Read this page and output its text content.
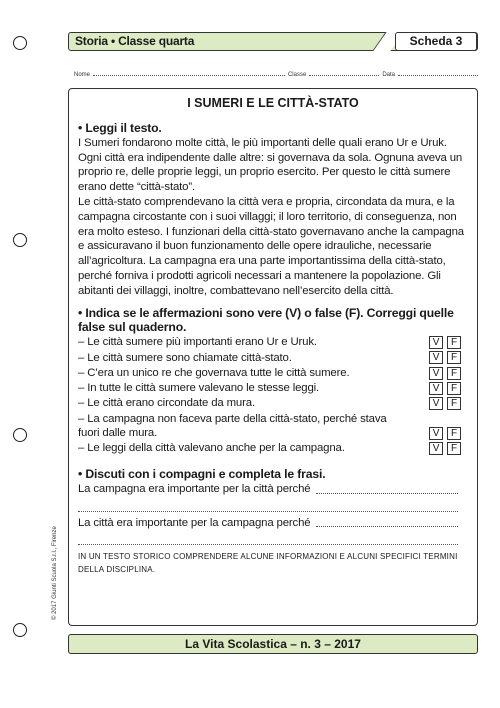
Storia • Classe quarta	Scheda 3
Nome	Classe	Data
I SUMERI E LE CITTÀ-STATO
• Leggi il testo.
I Sumeri fondarono molte città, le più importanti delle quali erano Ur e Uruk. Ogni città era indipendente dalle altre: si governava da sola. Ognuna aveva un proprio re, delle proprie leggi, un proprio esercito. Per questo le città sumere erano dette “città-stato”.
Le città-stato comprendevano la città vera e propria, circondata da mura, e la campagna circostante con i suoi villaggi; il loro territorio, di conseguenza, non era molto esteso. I funzionari della città-stato governavano anche la campagna e assicuravano il buon funzionamento delle opere idrauliche, necessarie all’agricoltura. La campagna era una parte importantissima della città-stato, perché forniva i prodotti agricoli necessari a mantenere la popolazione. Gli abitanti dei villaggi, inoltre, combattevano nell’esercito della città.
• Indica se le affermazioni sono vere (V) o false (F). Correggi quelle false sul quaderno.
– Le città sumere più importanti erano Ur e Uruk.	V	F
– Le città sumere sono chiamate città-stato.	V	F
– C’era un unico re che governava tutte le città sumere.	V	F
– In tutte le città sumere valevano le stesse leggi.	V	F
– Le città erano circondate da mura.	V	F
– La campagna non faceva parte della città-stato, perché stava fuori dalle mura.	V	F
– Le leggi della città valevano anche per la campagna.	V	F
• Discuti con i compagni e completa le frasi.
La campagna era importante per la città perché
La città era importante per la campagna perché
IN UN TESTO STORICO COMPRENDERE ALCUNE INFORMAZIONI E ALCUNI SPECIFICI TERMINI DELLA DISCIPLINA.
La Vita Scolastica – n. 3 – 2017
© 2017 Giunti Scuola S.r.l., Firenze
